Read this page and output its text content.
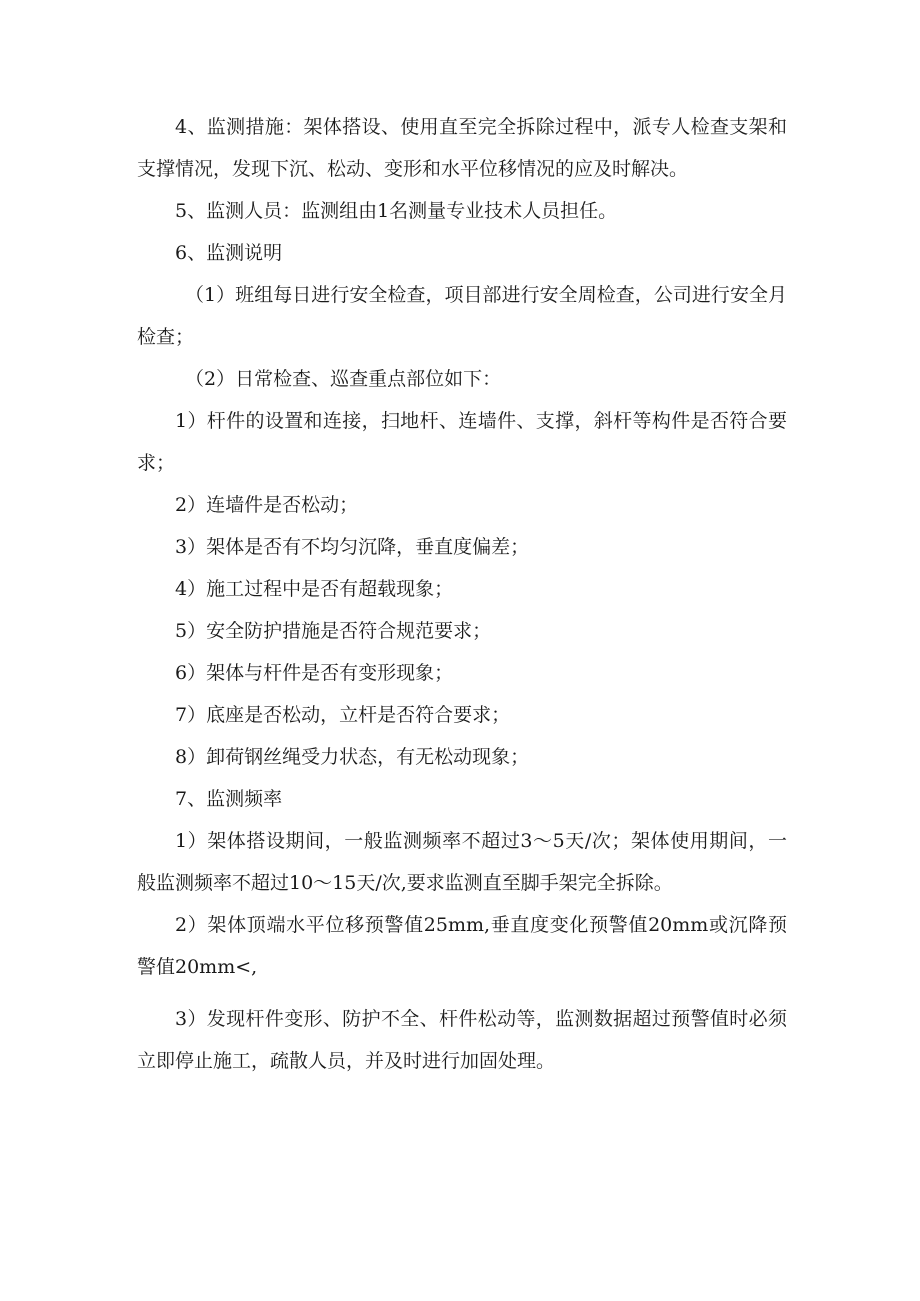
4、监测措施：架体搭设、使用直至完全拆除过程中，派专人检查支架和支撑情况，发现下沉、松动、变形和水平位移情况的应及时解决。

5、监测人员：监测组由1名测量专业技术人员担任。

6、监测说明

（1）班组每日进行安全检查，项目部进行安全周检查，公司进行安全月检查；

（2）日常检查、巡查重点部位如下：

1）杆件的设置和连接，扫地杆、连墙件、支撑，斜杆等构件是否符合要求；

2）连墙件是否松动；

3）架体是否有不均匀沉降，垂直度偏差；

4）施工过程中是否有超载现象；

5）安全防护措施是否符合规范要求；

6）架体与杆件是否有变形现象；

7）底座是否松动，立杆是否符合要求；

8）卸荷钢丝绳受力状态，有无松动现象；

7、监测频率

1）架体搭设期间，一般监测频率不超过3～5天/次；架体使用期间，一般监测频率不超过10～15天/次,要求监测直至脚手架完全拆除。

2）架体顶端水平位移预警值25mm,垂直度变化预警值20mm或沉降预警值20mm<,

3）发现杆件变形、防护不全、杆件松动等，监测数据超过预警值时必须立即停止施工，疏散人员，并及时进行加固处理。
